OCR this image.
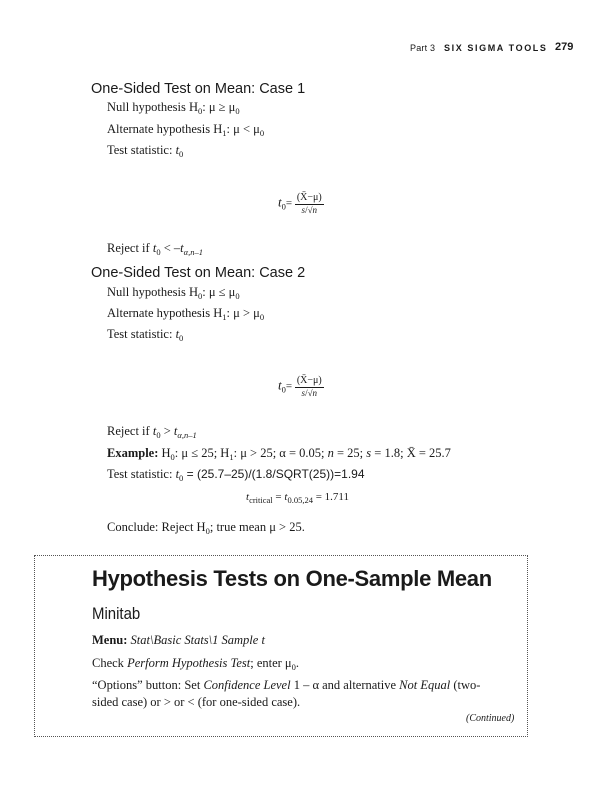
Part 3 SIX SIGMA TOOLS 279
One-Sided Test on Mean: Case 1
Null hypothesis $H_0$: $\mu \ge \mu_0$
Alternate hypothesis $H_1$: $\mu < \mu_0$
Test statistic: $t_0$
$t_0= \frac{(X̄-\mu)}{s/√n}$
Reject if $t_0 < -t_{\alpha,n-1}$
One-Sided Test on Mean: Case 2
Null hypothesis $H_0$: $\mu \le \mu_0$
Alternate hypothesis $H_1$: $\mu > \mu_0$
Test statistic: $t_0$
$t_0= \frac{(X̄-\mu)}{s/√n}$
Reject if $t_0 > t_{\alpha,n-1}$
Example: $H_0$: μ ≤ 25; $H_1$: μ > 25; α = 0.05; n = 25; s = 1.8; X̄ = 25.7
Test statistic: $t_0$ = (25.7–25)/(1.8/SQRT(25))=1.94
$t_{critical} = t_{0.05,24} = 1.711$
Conclude: Reject $H_0$; true mean μ > 25.
Hypothesis Tests on One-Sample Mean
Minitab
Menu: Stat\Basic Stats\1 Sample t
Check Perform Hypothesis Test; enter $\mu_0$.
“Options” button: Set Confidence Level 1 – α and alternative Not Equal (two-
sided case) or > or < (for one-sided case).
(Continued)
